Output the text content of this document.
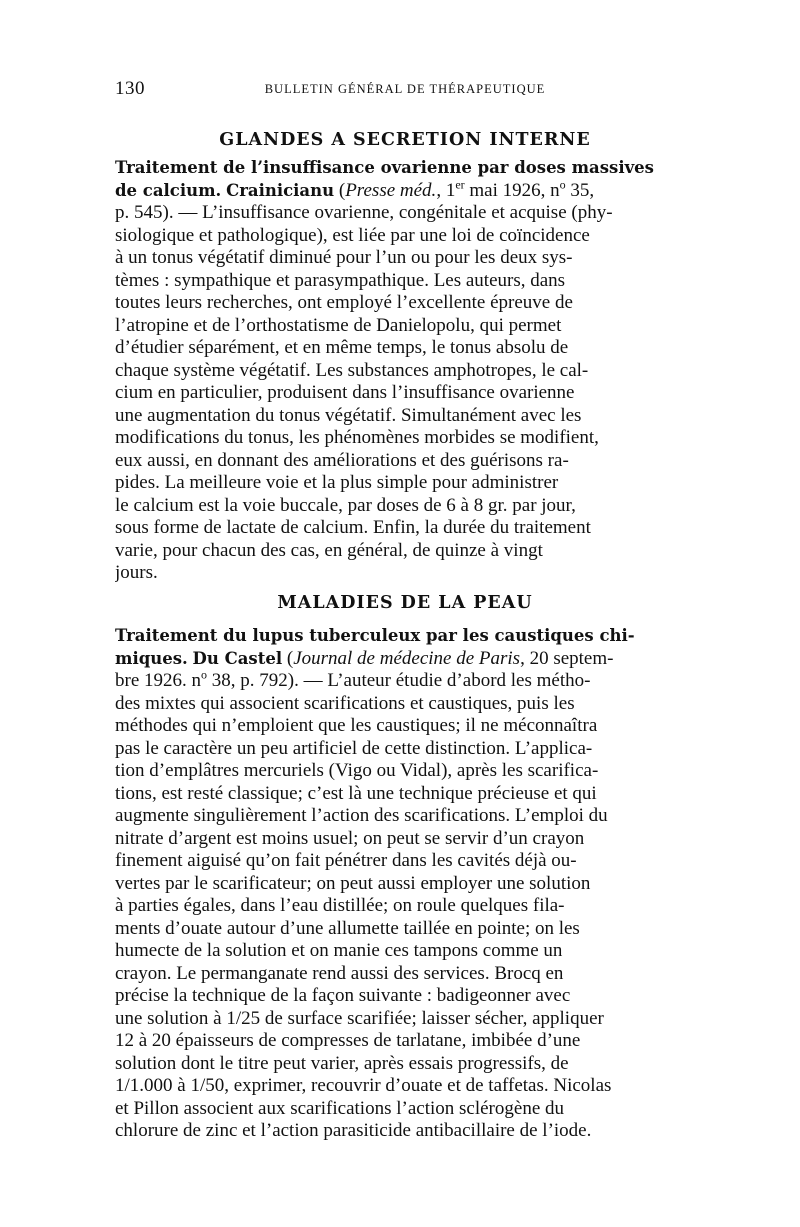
130	BULLETIN GÉNÉRAL DE THÉRAPEUTIQUE
GLANDES A SECRETION INTERNE
Traitement de l’insuffisance ovarienne par doses massives
de calcium. Crainicianu (Presse méd., 1er mai 1926, $n^o$ 35,
p. 545). — L’insuffisance ovarienne, congénitale et acquise (phy-
siologique et pathologique), est liée par une loi de coïncidence
à un tonus végétatif diminué pour l’un ou pour les deux sys-
tèmes : sympathique et parasympathique. Les auteurs, dans
toutes leurs recherches, ont employé l’excellente épreuve de
l’atropine et de l’orthostatisme de Danielopolu, qui permet
d’étudier séparément, et en même temps, le tonus absolu de
chaque système végétatif. Les substances amphotropes, le cal-
cium en particulier, produisent dans l’insuffisance ovarienne
une augmentation du tonus végétatif. Simultanément avec les
modifications du tonus, les phénomènes morbides se modifient,
eux aussi, en donnant des améliorations et des guérisons ra-
pides. La meilleure voie et la plus simple pour administrer
le calcium est la voie buccale, par doses de 6 à 8 gr. par jour,
sous forme de lactate de calcium. Enfin, la durée du traitement
varie, pour chacun des cas, en général, de quinze à vingt
jours.
MALADIES DE LA PEAU
Traitement du lupus tuberculeux par les caustiques chi-
miques. Du Castel (Journal de médecine de Paris, 20 septem-
bre 1926. $n^o$ 38, p. 792). — L’auteur étudie d’abord les métho-
des mixtes qui associent scarifications et caustiques, puis les
méthodes qui n’emploient que les caustiques; il ne méconnaîtra
pas le caractère un peu artificiel de cette distinction. L’applica-
tion d’emplâtres mercuriels (Vigo ou Vidal), après les scarifica-
tions, est resté classique; c’est là une technique précieuse et qui
augmente singulièrement l’action des scarifications. L’emploi du
nitrate d’argent est moins usuel; on peut se servir d’un crayon
finement aiguisé qu’on fait pénétrer dans les cavités déjà ou-
vertes par le scarificateur; on peut aussi employer une solution
à parties égales, dans l’eau distillée; on roule quelques fila-
ments d’ouate autour d’une allumette taillée en pointe; on les
humecte de la solution et on manie ces tampons comme un
crayon. Le permanganate rend aussi des services. Brocq en
précise la technique de la façon suivante : badigeonner avec
une solution à 1/25 de surface scarifiée; laisser sécher, appliquer
12 à 20 épaisseurs de compresses de tarlatane, imbibée d’une
solution dont le titre peut varier, après essais progressifs, de
1/1.000 à 1/50, exprimer, recouvrir d’ouate et de taffetas. Nicolas
et Pillon associent aux scarifications l’action sclérogène du
chlorure de zinc et l’action parasiticide antibacillaire de l’iode.
